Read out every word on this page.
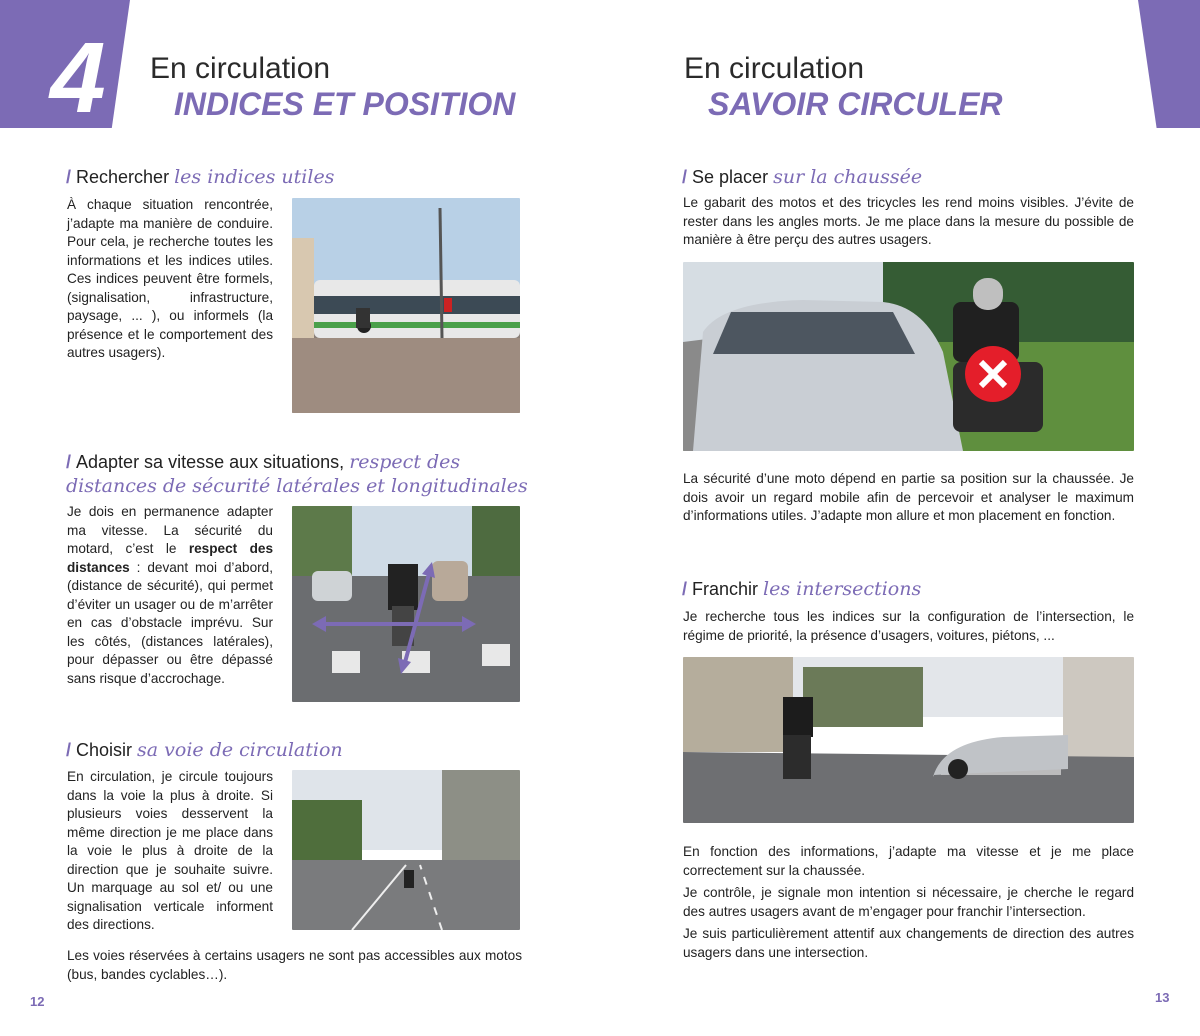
4 En circulation
INDICES ET POSITION
/ Rechercher les indices utiles

À chaque situation rencontrée, j’adapte ma manière de conduire. Pour cela, je recherche toutes les informations et les indices utiles. Ces indices peuvent être formels, (signalisation, infrastructure, paysage, ... ), ou informels (la présence et le comportement des autres usagers).

/ Adapter sa vitesse aux situations, respect des distances de sécurité latérales et longitudinales

Je dois en permanence adapter ma vitesse. La sécurité du motard, c’est le respect des distances : devant moi d’abord, (distance de sécurité), qui permet d’éviter un usager ou de m’arrêter en cas d’obstacle imprévu. Sur les côtés, (distances latérales), pour dépasser ou être dépassé sans risque d’accrochage.

/ Choisir sa voie de circulation

En circulation, je circule toujours dans la voie la plus à droite. Si plusieurs voies desservent la même direction je me place dans la voie le plus à droite de la direction que je souhaite suivre. Un marquage au sol et/ ou une signalisation verticale informent des directions.

Les voies réservées à certains usagers ne sont pas accessibles aux motos (bus, bandes cyclables…).

12
En circulation
SAVOIR CIRCULER
/ Se placer sur la chaussée

Le gabarit des motos et des tricycles les rend moins visibles. J’évite de rester dans les angles morts. Je me place dans la mesure du possible de manière à être perçu des autres usagers.

La sécurité d’une moto dépend en partie sa position sur la chaussée. Je dois avoir un regard mobile afin de percevoir et analyser le maximum d’informations utiles. J’adapte mon allure et mon placement en fonction.

/ Franchir les intersections

Je recherche tous les indices sur la configuration de l’intersection, le régime de priorité, la présence d’usagers, voitures, piétons, ...

En fonction des informations, j’adapte ma vitesse et je me place correctement sur la chaussée.

Je contrôle, je signale mon intention si nécessaire, je cherche le regard des autres usagers avant de m’engager pour franchir l’intersection.

Je suis particulièrement attentif aux changements de direction des autres usagers dans une intersection.

13
